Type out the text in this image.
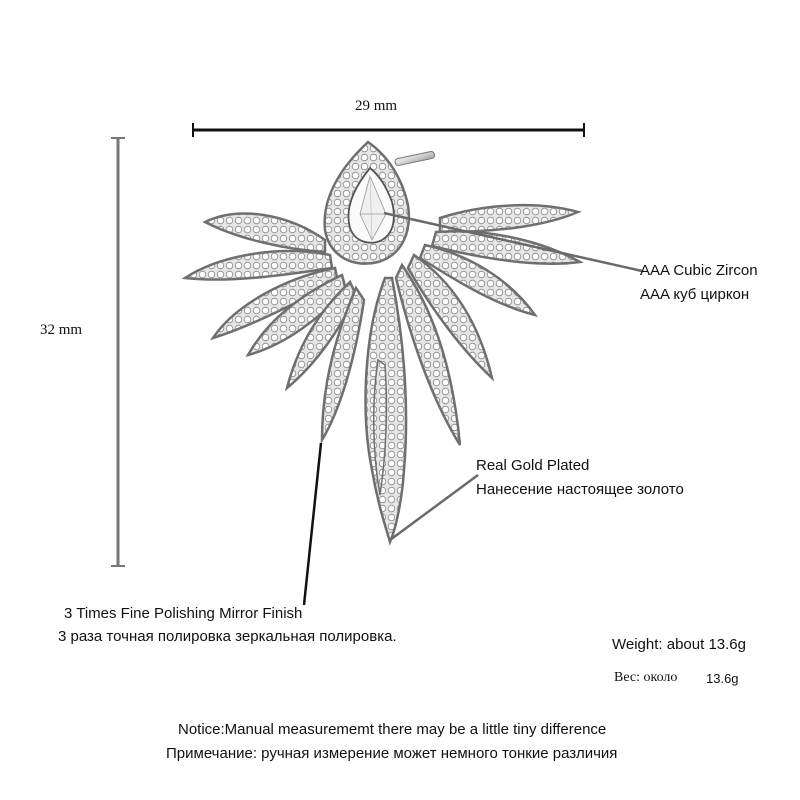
29 mm
32 mm
AAA Cubic Zircon
AAA куб циркон
Real Gold Plated
Нанесение настоящее золото
3 Times Fine Polishing Mirror Finish
3 раза точная полировка зеркальная полировка.	Weight: about 13.6g
Вес: около 13.6g
Notice:Manual measurememt there may be a little tiny difference
Примечание: ручная измерение может немного тонкие различия
